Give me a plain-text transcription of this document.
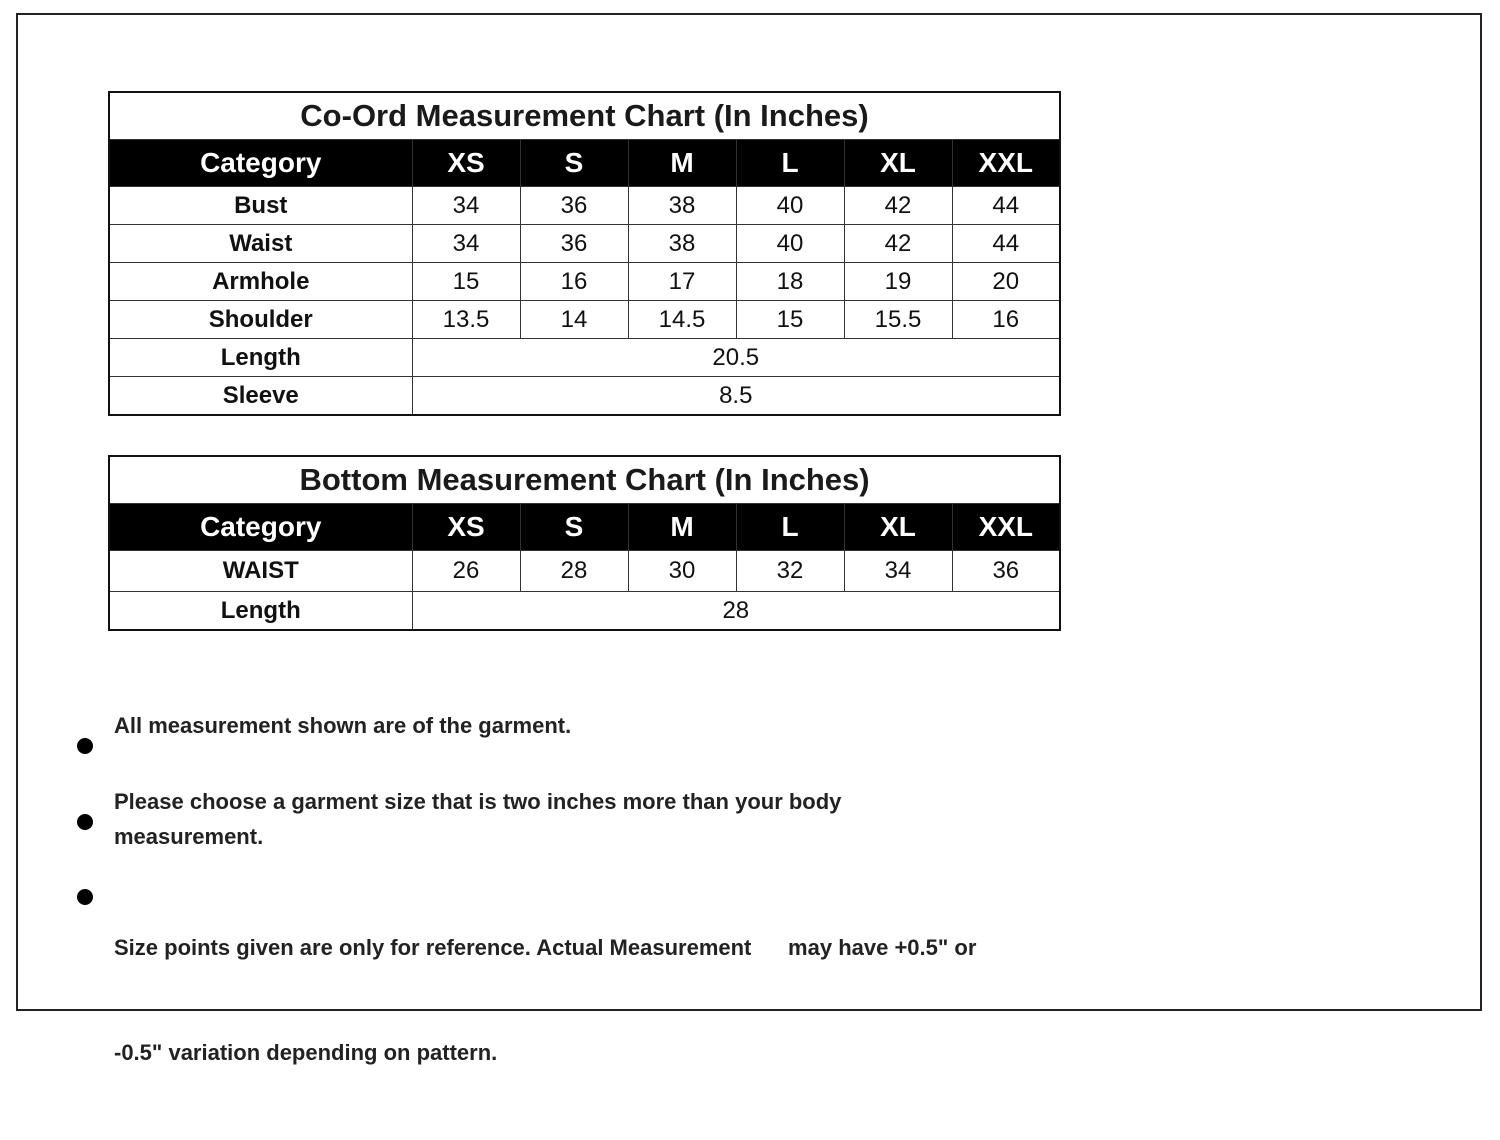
Co-Ord Measurement Chart (In Inches)						
Category	XS	S	M	L	XL	XXL
Bust	34	36	38	40	42	44
Waist	34	36	38	40	42	44
Armhole	15	16	17	18	19	20
Shoulder	13.5	14	14.5	15	15.5	16
Length	20.5					
Sleeve	8.5					
Bottom Measurement Chart (In Inches)						
Category	XS	S	M	L	XL	XXL
WAIST	26	28	30	32	34	36
Length	28					
All measurement shown are of the garment.
Please choose a garment size that is two inches more than your body
measurement.

Size points given are only for reference. Actual Measurement      may have +0.5" or

-0.5" variation depending on pattern.
